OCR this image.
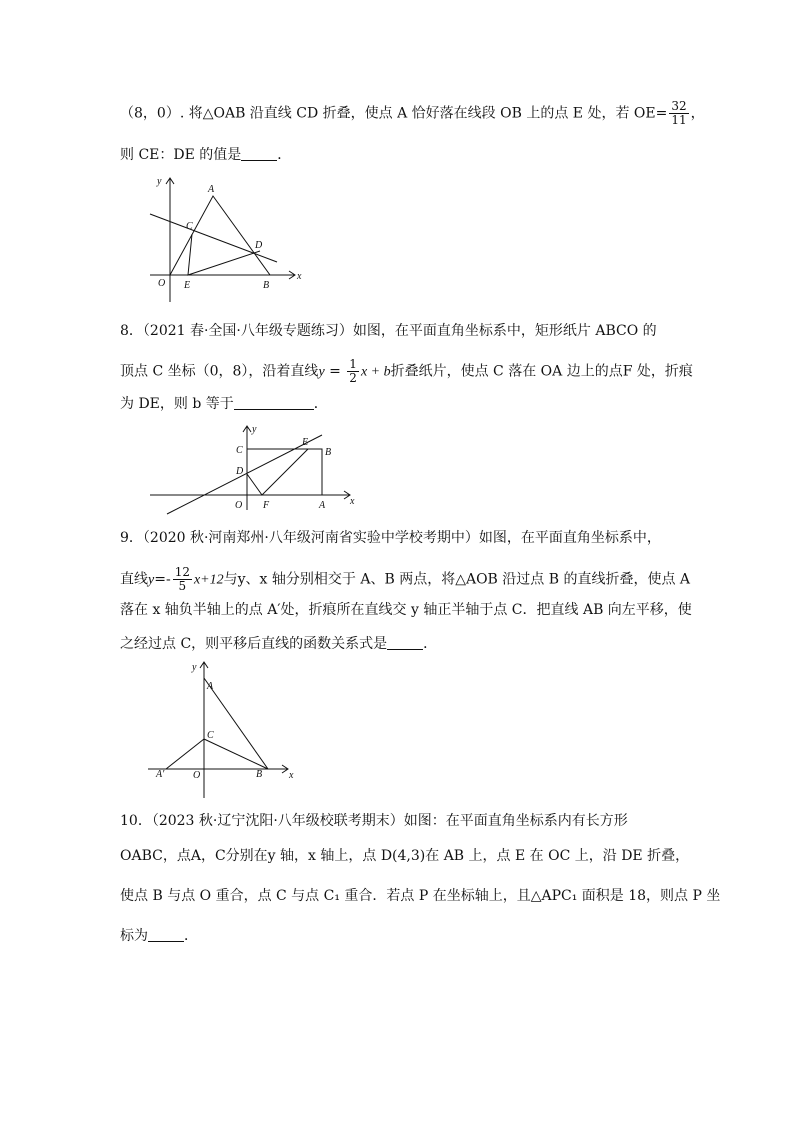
（8，0）. 将△OAB 沿直线 CD 折叠，使点 A 恰好落在线段 OB 上的点 E 处，若 $OE= \frac{32}{11}$ ，
则 CE：DE 的值是	．
x
y
O
A
B
C
D
E
8．（2021 春·全国·八年级专题练习）如图，在平面直角坐标系中，矩形纸片 ABCO 的
顶点 C 坐标（0，8），沿着直线$y = \frac{1}{2}$ x + b折叠纸片，使点 C 落在 OA 边上的点F 处，折痕
为 DE，则 b 等于	．
x
y
O	A
B
C
D
E
F
9．（2020 秋·河南郑州·八年级河南省实验中学校考期中）如图，在平面直角坐标系中，
直线$y=- \frac{12}{5} x+12$与y、x 轴分别相交于 A、B 两点，将△AOB 沿过点 B 的直线折叠，使点 A
落在 x 轴负半轴上的点 A′处，折痕所在直线交 y 轴正半轴于点 C．把直线 AB 向左平移，使
之经过点 C，则平移后直线的函数关系式是	．
x
y
O
A
B
C
A′
10．（2023 秋·辽宁沈阳·八年级校联考期末）如图：在平面直角坐标系内有长方形
OABC，点A，C分别在y 轴，x 轴上，点 D(4,3)在 AB 上，点 E 在 OC 上，沿 DE 折叠，
使点 B 与点 O 重合，点 C 与点 C₁ 重合．若点 P 在坐标轴上，且△APC₁ 面积是 18，则点 P 坐
标为	．
